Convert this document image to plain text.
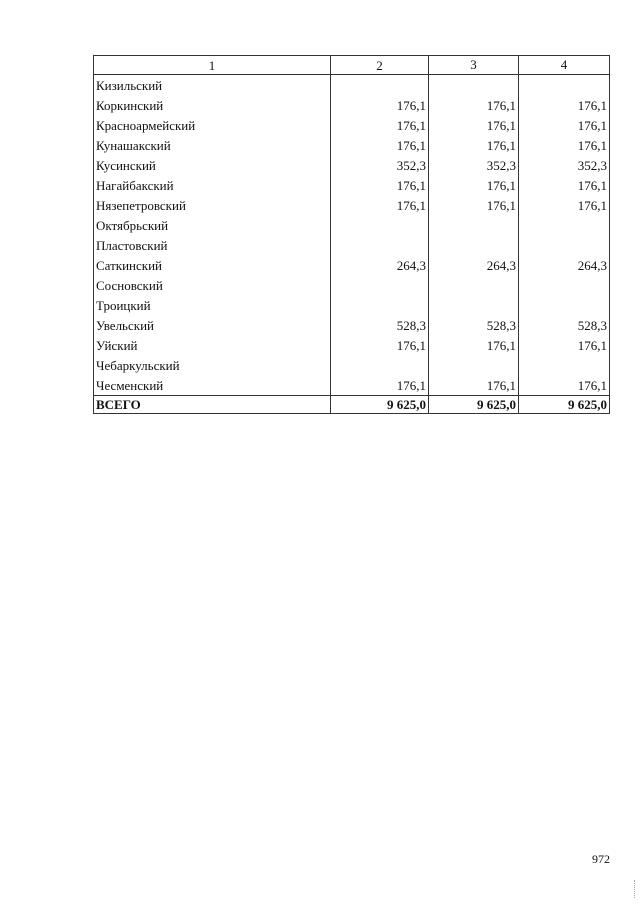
1	2	3	4
Кизильский			
Коркинский	176,1	176,1	176,1
Красноармейский	176,1	176,1	176,1
Кунашакский	176,1	176,1	176,1
Кусинский	352,3	352,3	352,3
Нагайбакский	176,1	176,1	176,1
Нязепетровский	176,1	176,1	176,1
Октябрьский			
Пластовский			
Саткинский	264,3	264,3	264,3
Сосновский			
Троицкий			
Увельский	528,3	528,3	528,3
Уйский	176,1	176,1	176,1
Чебаркульский			
Чесменский	176,1	176,1	176,1
ВСЕГО	9 625,0	9 625,0	9 625,0
972
